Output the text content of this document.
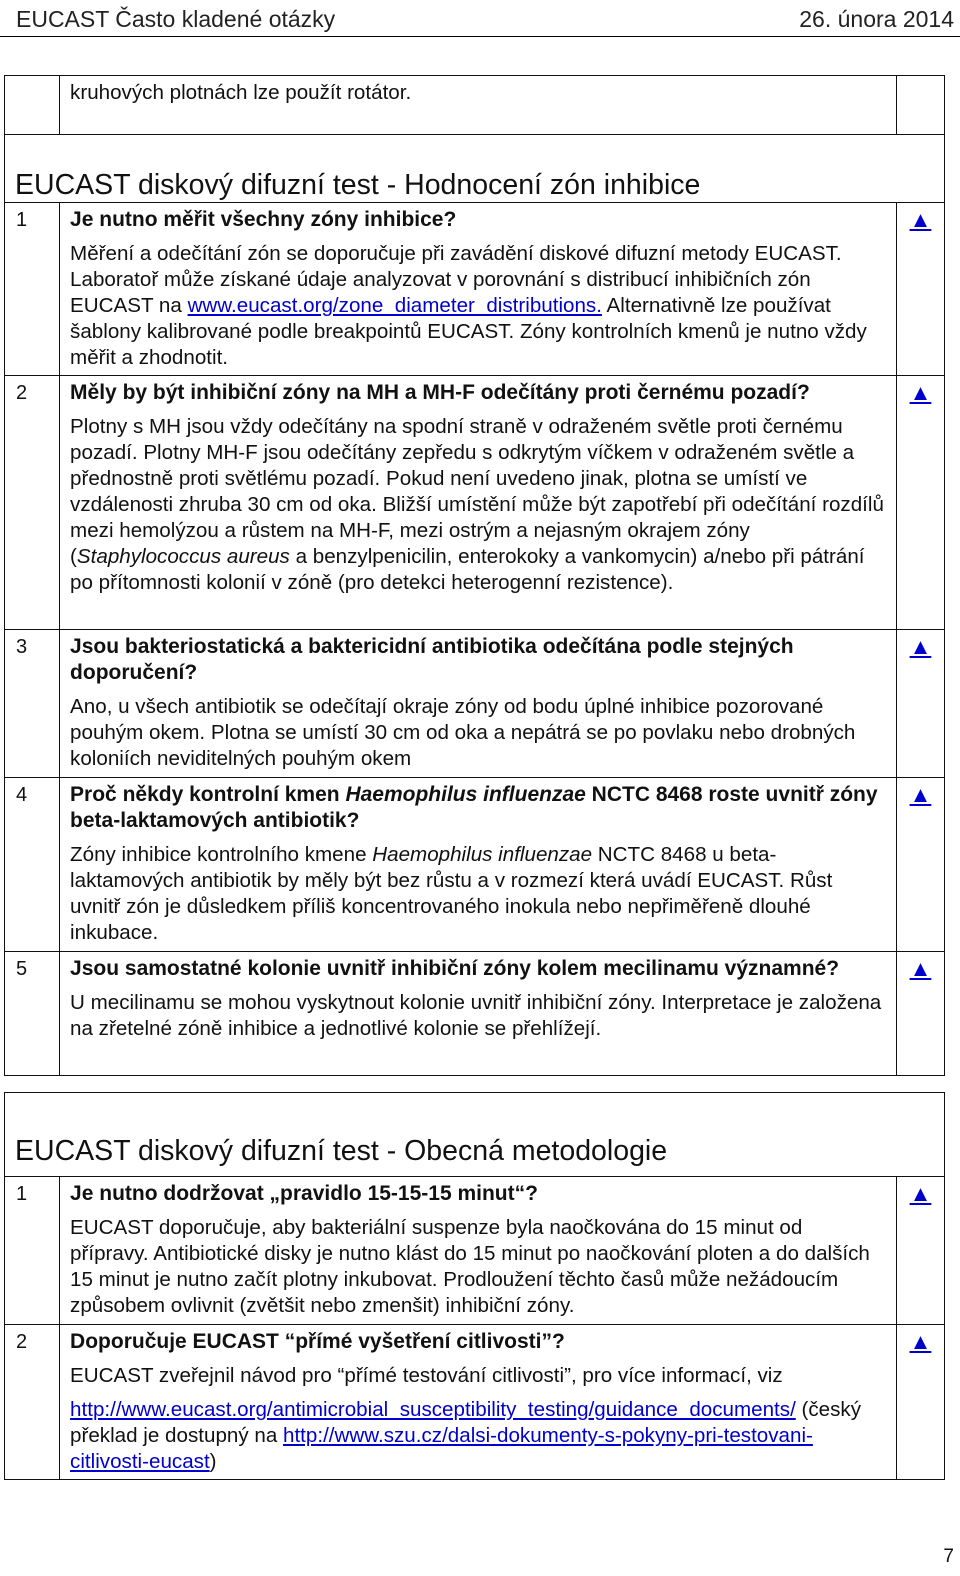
EUCAST Často kladené otázky	26. února 2014

kruhových plotnách lze použít rotátor.

EUCAST diskový difuzní test - Hodnocení zón inhibice		
1	Je nutno měřit všechny zóny inhibice?

Měření a odečítání zón se doporučuje při zavádění diskové difuzní metody EUCAST. Laboratoř může získané údaje analyzovat v porovnání s distribucí inhibičních zón EUCAST na www.eucast.org/zone_diameter_distributions. Alternativně lze používat šablony kalibrované podle breakpointů EUCAST. Zóny kontrolních kmenů je nutno vždy měřit a zhodnotit.	▲

2	Měly by být inhibiční zóny na MH a MH-F odečítány proti černému pozadí?

Plotny s MH jsou vždy odečítány na spodní straně v odraženém světle proti černému pozadí. Plotny MH-F jsou odečítány zepředu s odkrytým víčkem v odraženém světle a přednostně proti světlému pozadí. Pokud není uvedeno jinak, plotna se umístí ve vzdálenosti zhruba 30 cm od oka. Bližší umístění může být zapotřebí při odečítání rozdílů mezi hemolýzou a růstem na MH-F, mezi ostrým a nejasným okrajem zóny (Staphylococcus aureus a benzylpenicilin, enterokoky a vankomycin) a/nebo při pátrání po přítomnosti kolonií v zóně (pro detekci heterogenní rezistence).	▲

3	Jsou bakteriostatická a baktericidní antibiotika odečítána podle stejných doporučení?

Ano, u všech antibiotik se odečítají okraje zóny od bodu úplné inhibice pozorované pouhým okem. Plotna se umístí 30 cm od oka a nepátrá se po povlaku nebo drobných koloniích neviditelných pouhým okem	▲

4	Proč někdy kontrolní kmen Haemophilus influenzae NCTC 8468 roste uvnitř zóny beta-laktamových antibiotik?

Zóny inhibice kontrolního kmene Haemophilus influenzae NCTC 8468 u beta-laktamových antibiotik by měly být bez růstu a v rozmezí která uvádí EUCAST. Růst uvnitř zón je důsledkem příliš koncentrovaného inokula nebo nepřiměřeně dlouhé inkubace.	▲

5	Jsou samostatné kolonie uvnitř inhibiční zóny kolem mecilinamu významné?

U mecilinamu se mohou vyskytnout kolonie uvnitř inhibiční zóny. Interpretace je založena na zřetelné zóně inhibice a jednotlivé kolonie se přehlížejí.	▲
EUCAST diskový difuzní test - Obecná metodologie		
1	Je nutno dodržovat „pravidlo 15-15-15 minut“?

EUCAST doporučuje, aby bakteriální suspenze byla naočkována do 15 minut od přípravy. Antibiotické disky je nutno klást do 15 minut po naočkování ploten a do dalších 15 minut je nutno začít plotny inkubovat. Prodloužení těchto časů může nežádoucím způsobem ovlivnit (zvětšit nebo zmenšit) inhibiční zóny.	▲

2	Doporučuje EUCAST “přímé vyšetření citlivosti”?

EUCAST zveřejnil návod pro “přímé testování citlivosti”, pro více informací, viz

http://www.eucast.org/antimicrobial_susceptibility_testing/guidance_documents/ (český překlad je dostupný na http://www.szu.cz/dalsi-dokumenty-s-pokyny-pri-testovani-citlivosti-eucast)	▲
7
